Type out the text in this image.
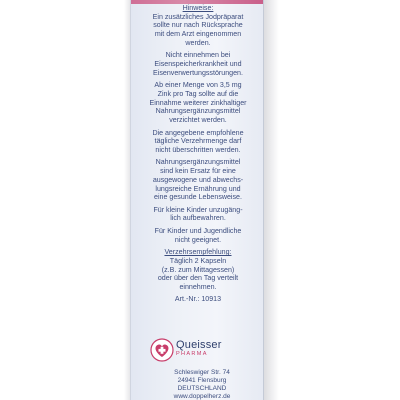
Hinweise:
Ein zusätzliches Jodpräparat
sollte nur nach Rücksprache
mit dem Arzt eingenommen
werden.
Nicht einnehmen bei
Eisenspeicherkrankheit und
Eisenverwertungsstörungen.
Ab einer Menge von 3,5 mg
Zink pro Tag sollte auf die
Einnahme weiterer zinkhaltiger
Nahrungsergänzungsmittel
verzichtet werden.
Die angegebene empfohlene
tägliche Verzehrmenge darf
nicht überschritten werden.
Nahrungsergänzungsmittel
sind kein Ersatz für eine
ausgewogene und abwechs-
lungsreiche Ernährung und
eine gesunde Lebensweise.
Für kleine Kinder unzugäng-
lich aufbewahren.
Für Kinder und Jugendliche
nicht geeignet.
Verzehrsempfehlung:
Täglich 2 Kapseln
(z.B. zum Mittagessen)
oder über den Tag verteilt
einnehmen.
Art.-Nr.: 10913
Queisser
PHARMA
Schleswiger Str. 74
24941 Flensburg
DEUTSCHLAND
www.doppelherz.de
